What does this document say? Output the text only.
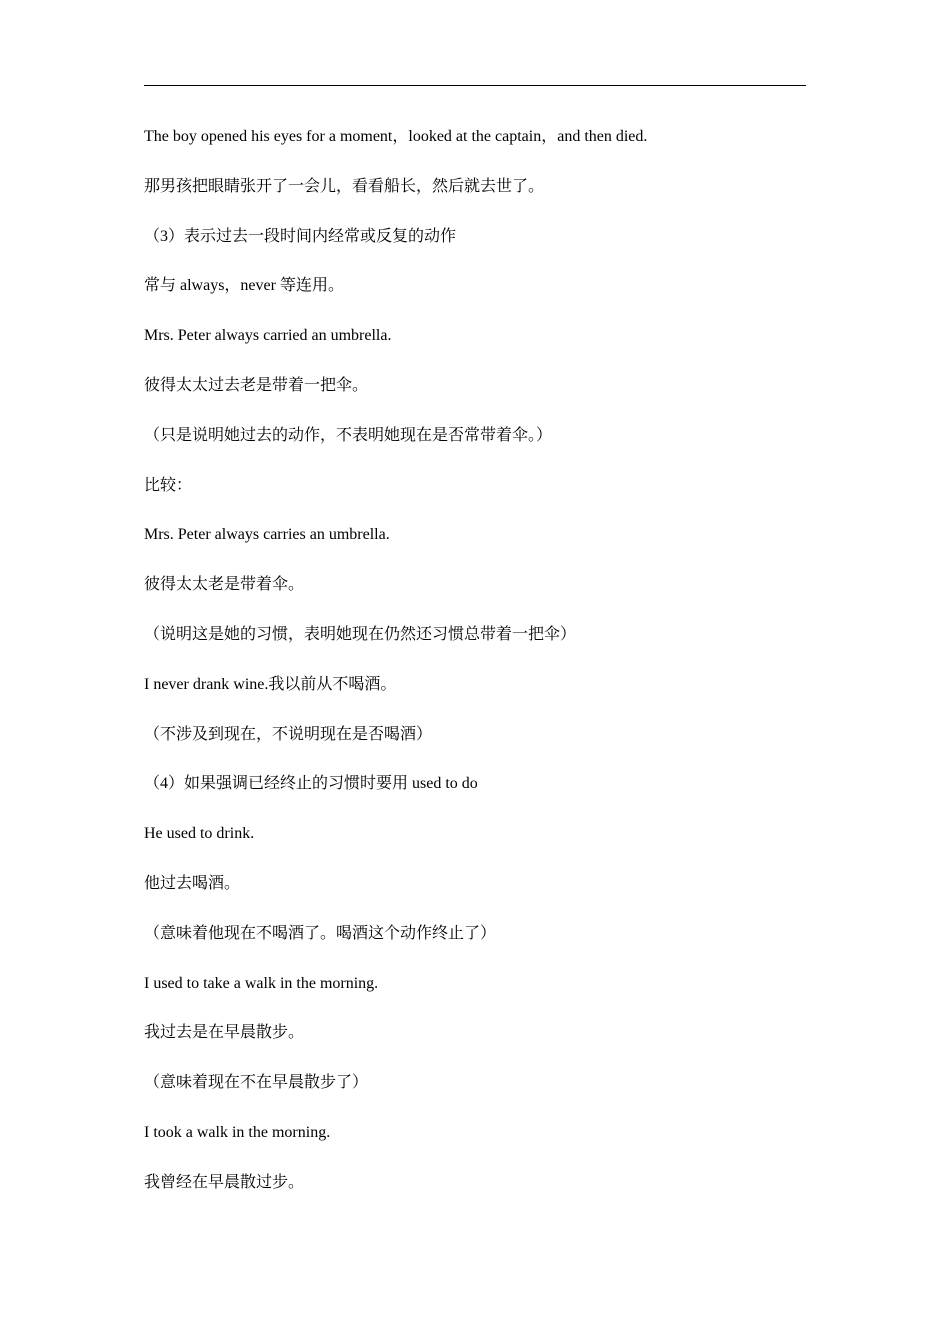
The boy opened his eyes for a moment，looked at the captain，and then died.

那男孩把眼睛张开了一会儿，看看船长，然后就去世了。

（3）表示过去一段时间内经常或反复的动作

常与 always，never 等连用。

Mrs. Peter always carried an umbrella.

彼得太太过去老是带着一把伞。

（只是说明她过去的动作，不表明她现在是否常带着伞。）

比较：

Mrs. Peter always carries an umbrella.

彼得太太老是带着伞。

（说明这是她的习惯，表明她现在仍然还习惯总带着一把伞）

I never drank wine.我以前从不喝酒。

（不涉及到现在，不说明现在是否喝酒）

（4）如果强调已经终止的习惯时要用 used to do

He used to drink.

他过去喝酒。

（意味着他现在不喝酒了。喝酒这个动作终止了）

I used to take a walk in the morning.

我过去是在早晨散步。

（意味着现在不在早晨散步了）

I took a walk in the morning.

我曾经在早晨散过步。
